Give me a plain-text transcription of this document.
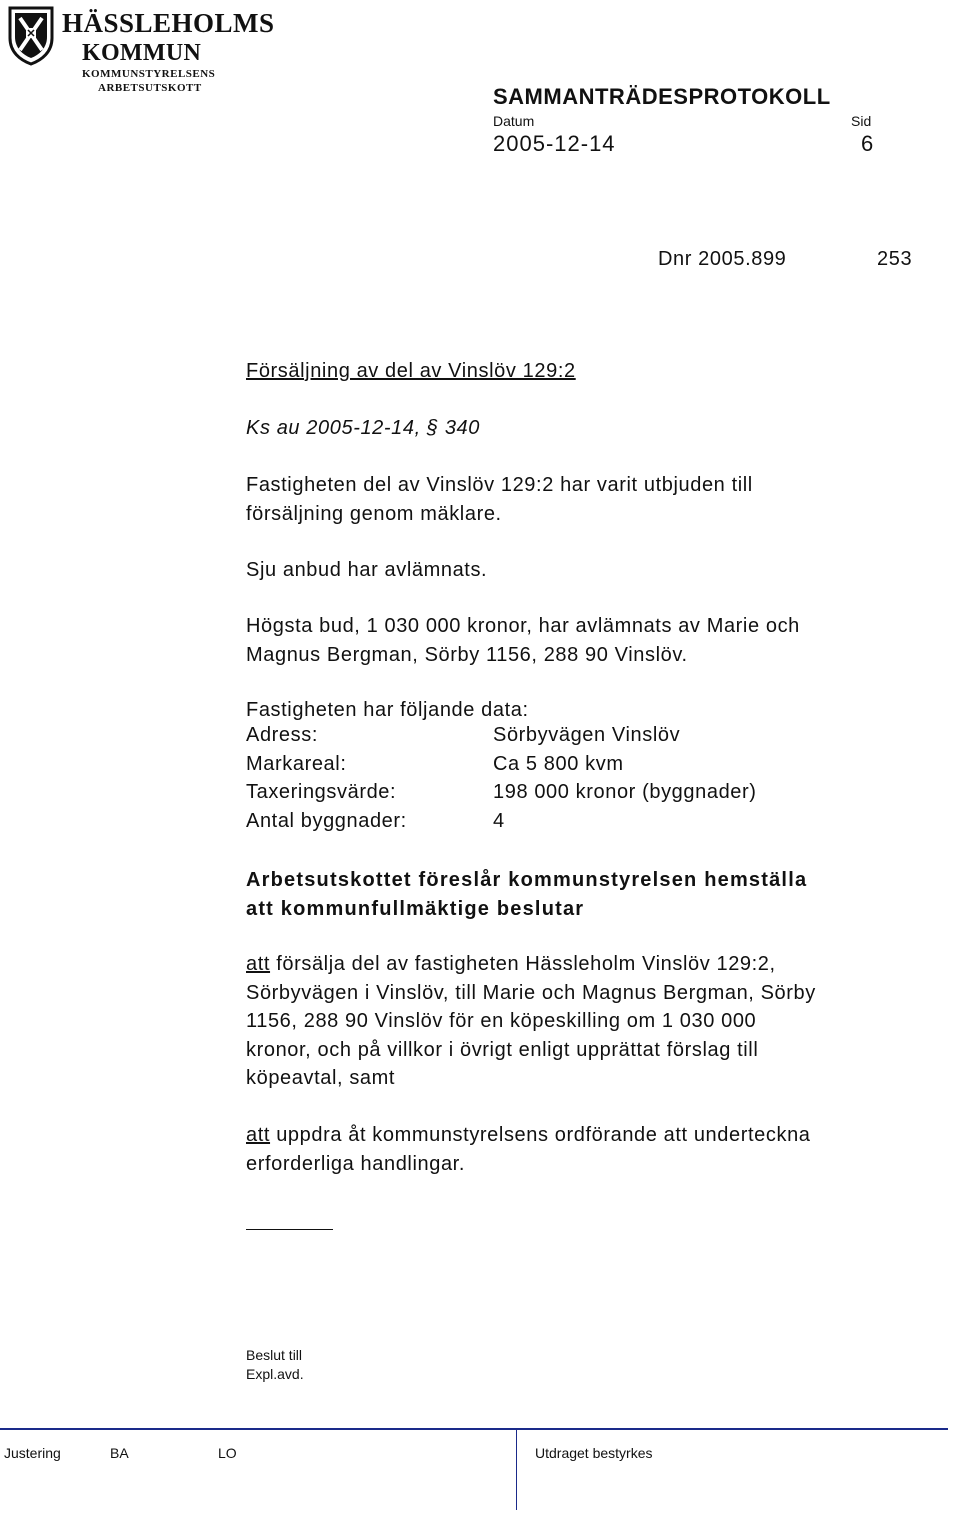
HÄSSLEHOLMS
KOMMUN
KOMMUNSTYRELSENS
ARBETSUTSKOTT	SAMMANTRÄDESPROTOKOLL
Datum	Sid
2005-12-14	6
Dnr 2005.899	253
Försäljning av del av Vinslöv 129:2
Ks au 2005-12-14, § 340
Fastigheten del av Vinslöv 129:2 har varit utbjuden till
försäljning genom mäklare.
Sju anbud har avlämnats.
Högsta bud, 1 030 000 kronor, har avlämnats av Marie och
Magnus Bergman, Sörby 1156, 288 90 Vinslöv.
Fastigheten har följande data:
Adress:	Sörbyvägen Vinslöv
Markareal:	Ca 5 800 kvm
Taxeringsvärde:	198 000 kronor (byggnader)
Antal byggnader:	4
Arbetsutskottet föreslår kommunstyrelsen hemställa
att kommunfullmäktige beslutar
att försälja del av fastigheten Hässleholm Vinslöv 129:2,
Sörbyvägen i Vinslöv, till Marie och Magnus Bergman, Sörby
1156, 288 90 Vinslöv för en köpeskilling om 1 030 000
kronor, och på villkor i övrigt enligt upprättat förslag till
köpeavtal, samt
att uppdra åt kommunstyrelsens ordförande att underteckna
erforderliga handlingar.
Beslut till
Expl.avd.
Justering	BA	LO	Utdraget bestyrkes
